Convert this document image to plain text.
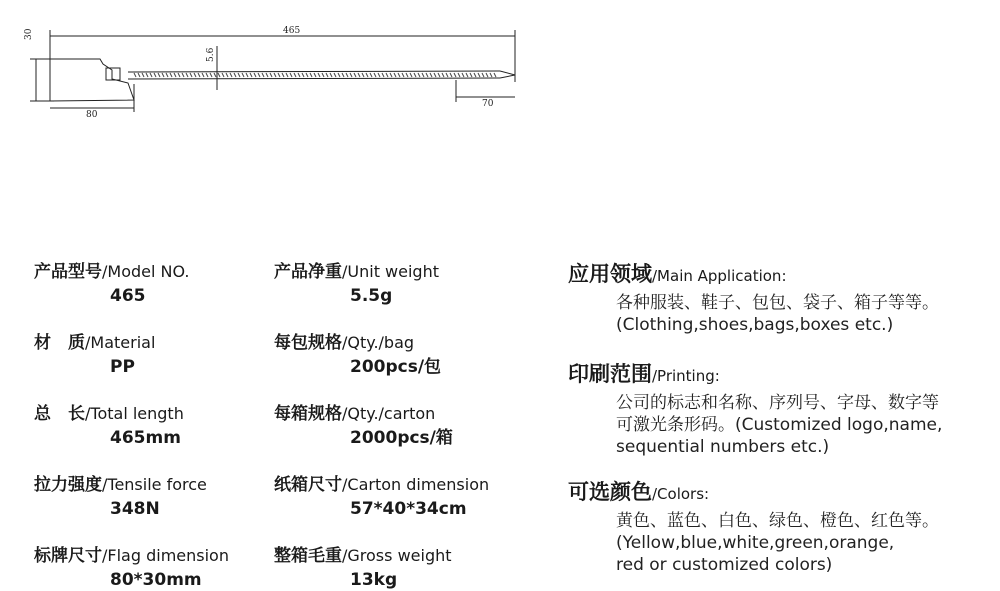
465
30
5.6
80
70
产品型号/Model NO.
465
材　质/Material
PP
总　长/Total length
465mm
拉力强度/Tensile force
348N
标牌尺寸/Flag dimension
80*30mm
产品净重/Unit weight
5.5g
每包规格/Qty./bag
200pcs/包
每箱规格/Qty./carton
2000pcs/箱
纸箱尺寸/Carton dimension
57*40*34cm
整箱毛重/Gross weight
13kg
应用领域/Main Application:
各种服装、鞋子、包包、袋子、箱子等等。
(Clothing,shoes,bags,boxes etc.)
印刷范围/Printing:
公司的标志和名称、序列号、字母、数字等
可激光条形码。(Customized logo,name,
sequential numbers etc.)
可选颜色/Colors:
黄色、蓝色、白色、绿色、橙色、红色等。
(Yellow,blue,white,green,orange,
red or customized colors)
